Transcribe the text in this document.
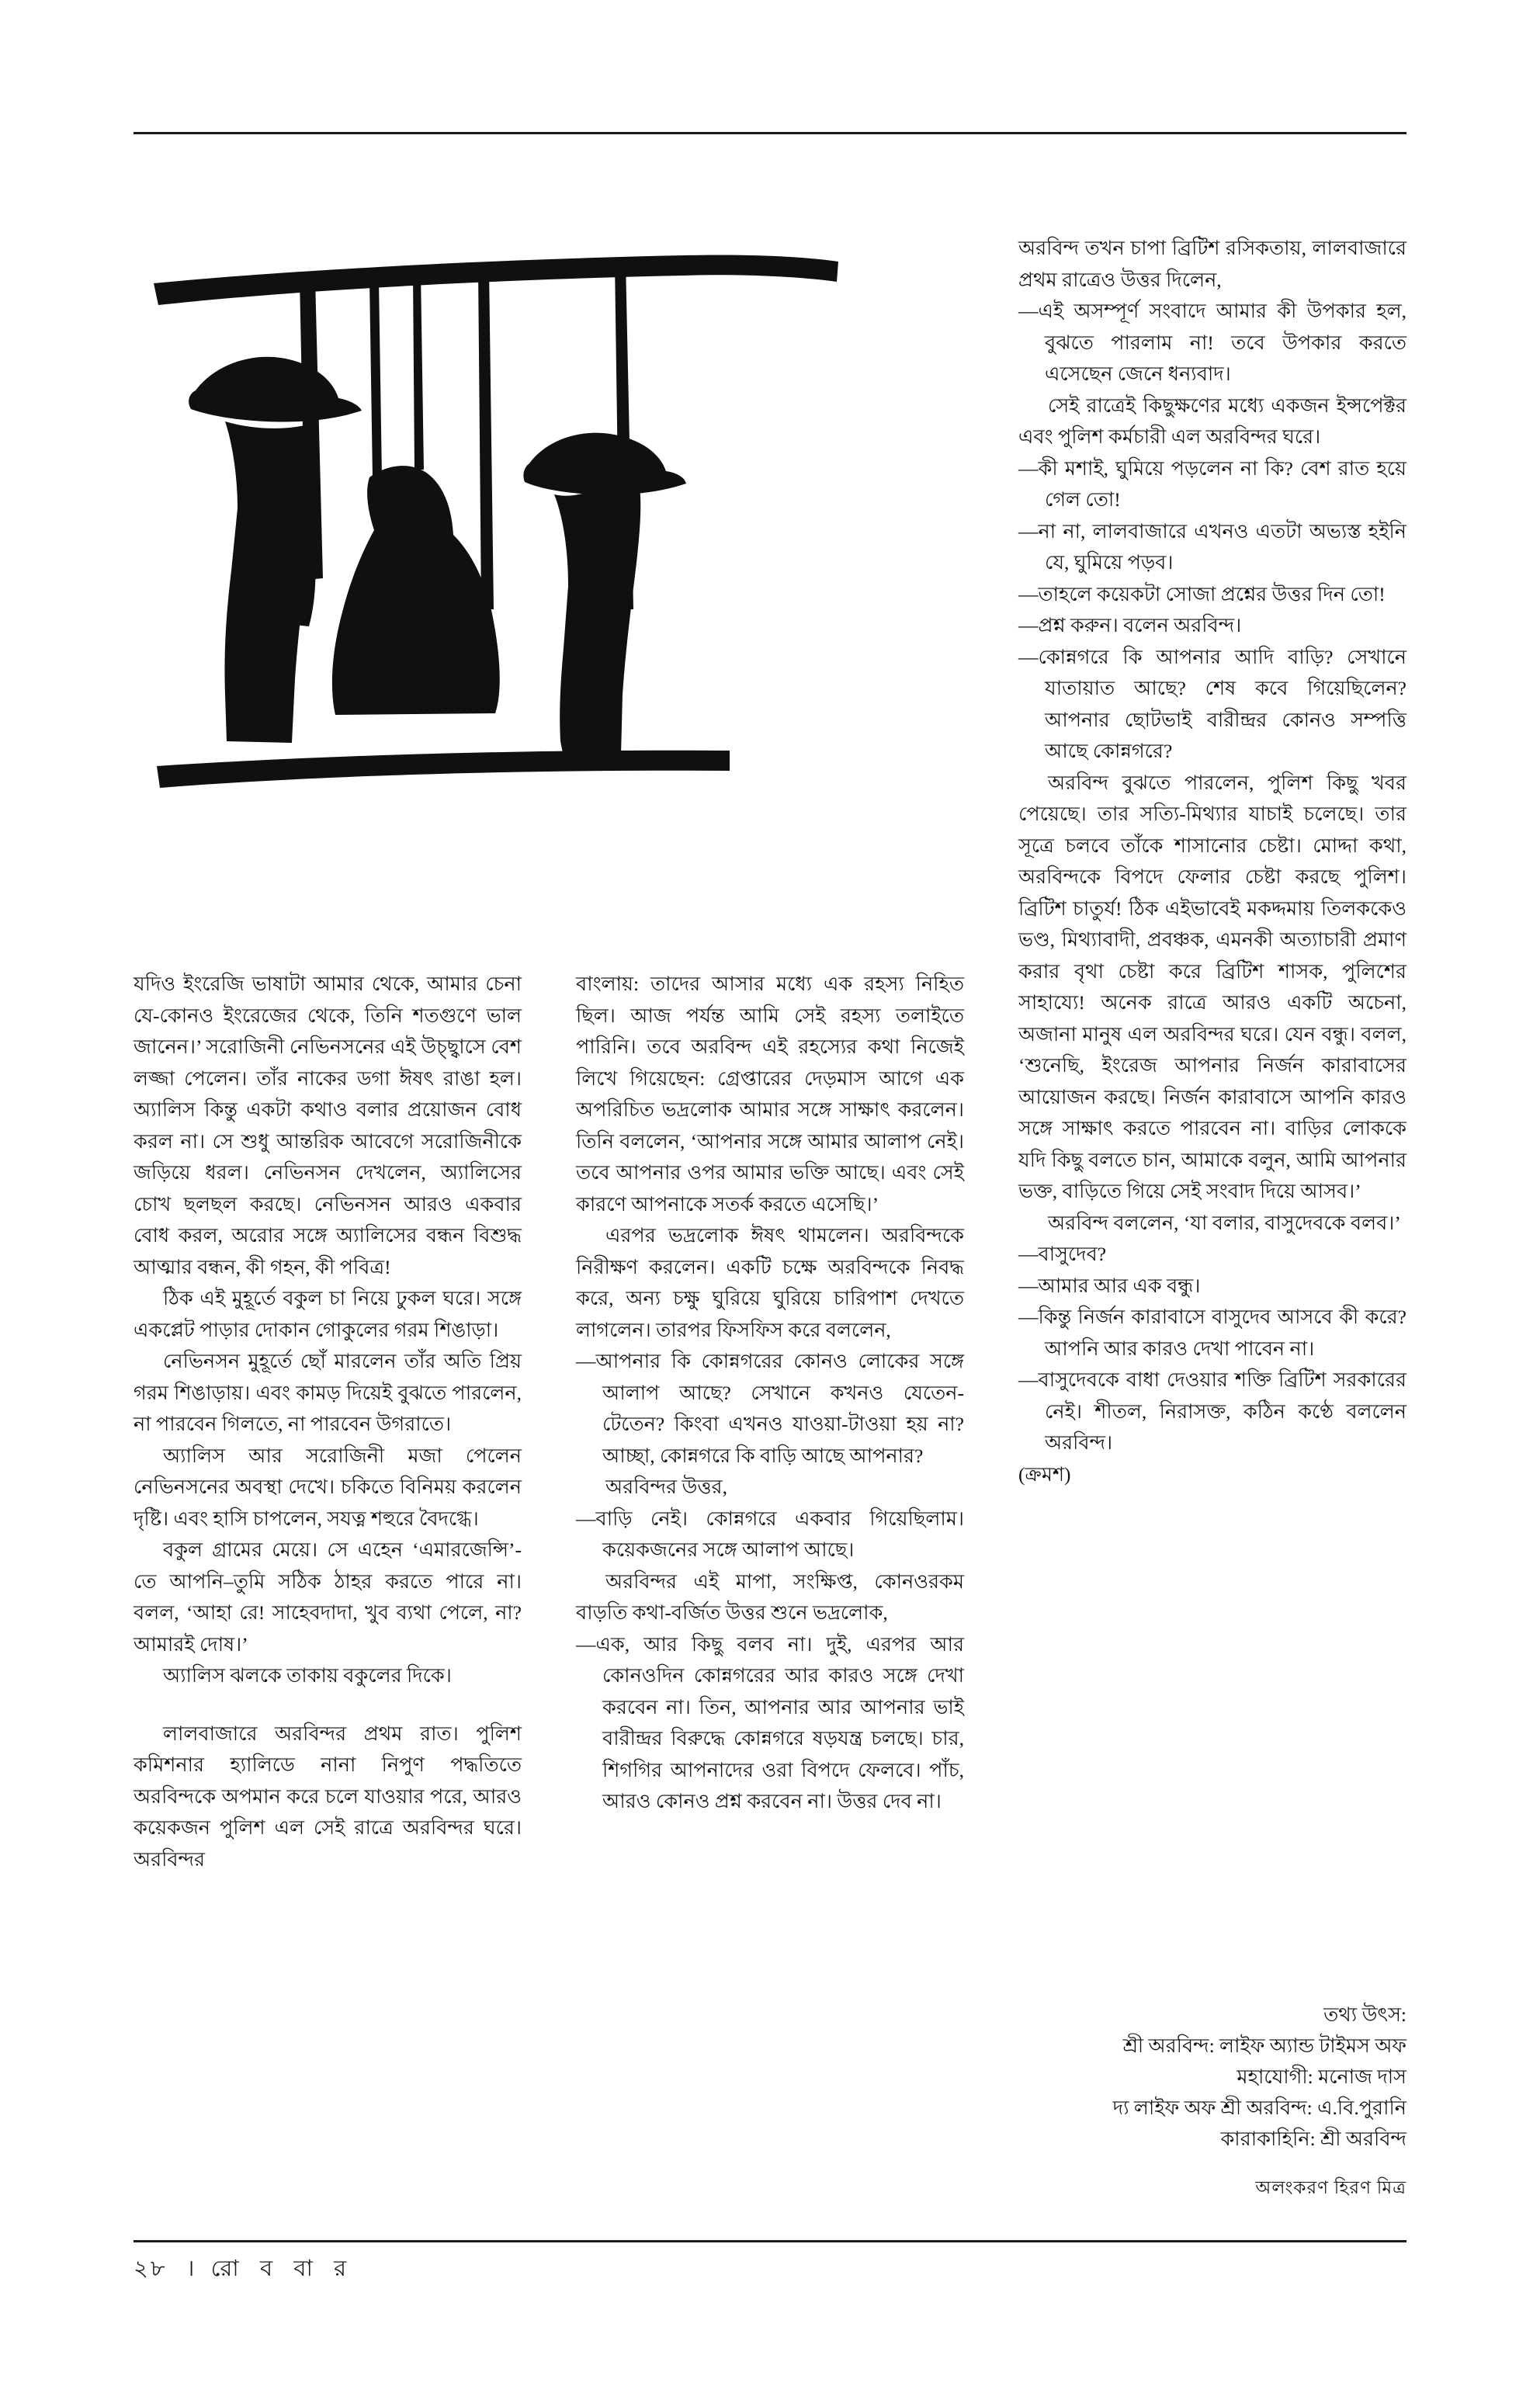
যদিও ইংরেজি ভাষাটা আমার থেকে, আমার চেনা যে-কোনও ইংরেজের থেকে, তিনি শতগুণে ভাল জানেন।’ সরোজিনী নেভিনসনের এই উচ্ছ্বাসে বেশ লজ্জা পেলেন। তাঁর নাকের ডগা ঈষৎ রাঙা হল। অ্যালিস কিন্তু একটা কথাও বলার প্রয়োজন বোধ করল না। সে শুধু আন্তরিক আবেগে সরোজিনীকে জড়িয়ে ধরল। নেভিনসন দেখলেন, অ্যালিসের চোখ ছলছল করছে। নেভিনসন আরও একবার বোধ করল, অরোর সঙ্গে অ্যালিসের বন্ধন বিশুদ্ধ আত্মার বন্ধন, কী গহন, কী পবিত্র!

ঠিক এই মুহূর্তে বকুল চা নিয়ে ঢুকল ঘরে। সঙ্গে একপ্লেট পাড়ার দোকান গোকুলের গরম শিঙাড়া।

নেভিনসন মুহূর্তে ছোঁ মারলেন তাঁর অতি প্রিয় গরম শিঙাড়ায়। এবং কামড় দিয়েই বুঝতে পারলেন, না পারবেন গিলতে, না পারবেন উগরাতে।

অ্যালিস আর সরোজিনী মজা পেলেন নেভিনসনের অবস্থা দেখে। চকিতে বিনিময় করলেন দৃষ্টি। এবং হাসি চাপলেন, সযত্ন শহুরে বৈদগ্ধে।

বকুল গ্রামের মেয়ে। সে এহেন ‘এমারজেন্সি’-তে আপনি–তুমি সঠিক ঠাহর করতে পারে না। বলল, ‘আহা রে! সাহেবদাদা, খুব ব্যথা পেলে, না? আমারই দোষ।’

অ্যালিস ঝলকে তাকায় বকুলের দিকে।

লালবাজারে অরবিন্দর প্রথম রাত। পুলিশ কমিশনার হ্যালিডে নানা নিপুণ পদ্ধতিতে অরবিন্দকে অপমান করে চলে যাওয়ার পরে, আরও কয়েকজন পুলিশ এল সেই রাত্রে অরবিন্দর ঘরে। অরবিন্দর

বাংলায়: তাদের আসার মধ্যে এক রহস্য নিহিত ছিল। আজ পর্যন্ত আমি সেই রহস্য তলাইতে পারিনি। তবে অরবিন্দ এই রহস্যের কথা নিজেই লিখে গিয়েছেন: গ্রেপ্তারের দেড়মাস আগে এক অপরিচিত ভদ্রলোক আমার সঙ্গে সাক্ষাৎ করলেন। তিনি বললেন, ‘আপনার সঙ্গে আমার আলাপ নেই। তবে আপনার ওপর আমার ভক্তি আছে। এবং সেই কারণে আপনাকে সতর্ক করতে এসেছি।’

এরপর ভদ্রলোক ঈষৎ থামলেন। অরবিন্দকে নিরীক্ষণ করলেন। একটি চক্ষে অরবিন্দকে নিবদ্ধ করে, অন্য চক্ষু ঘুরিয়ে ঘুরিয়ে চারিপাশ দেখতে লাগলেন। তারপর ফিসফিস করে বললেন,

—আপনার কি কোন্নগরের কোনও লোকের সঙ্গে আলাপ আছে? সেখানে কখনও যেতেন-টেতেন? কিংবা এখনও যাওয়া-টাওয়া হয় না? আচ্ছা, কোন্নগরে কি বাড়ি আছে আপনার?

অরবিন্দর উত্তর,

—বাড়ি নেই। কোন্নগরে একবার গিয়েছিলাম। কয়েকজনের সঙ্গে আলাপ আছে।

অরবিন্দর এই মাপা, সংক্ষিপ্ত, কোনওরকম বাড়তি কথা-বর্জিত উত্তর শুনে ভদ্রলোক,

—এক, আর কিছু বলব না। দুই, এরপর আর কোনওদিন কোন্নগরের আর কারও সঙ্গে দেখা করবেন না। তিন, আপনার আর আপনার ভাই বারীন্দ্রর বিরুদ্ধে কোন্নগরে ষড়যন্ত্র চলছে। চার, শিগগির আপনাদের ওরা বিপদে ফেলবে। পাঁচ, আরও কোনও প্রশ্ন করবেন না। উত্তর দেব না।

অরবিন্দ তখন চাপা ব্রিটিশ রসিকতায়, লালবাজারে প্রথম রাত্রেও উত্তর দিলেন,

—এই অসম্পূর্ণ সংবাদে আমার কী উপকার হল, বুঝতে পারলাম না! তবে উপকার করতে এসেছেন জেনে ধন্যবাদ।

সেই রাত্রেই কিছুক্ষণের মধ্যে একজন ইন্সপেক্টর এবং পুলিশ কর্মচারী এল অরবিন্দর ঘরে।

—কী মশাই, ঘুমিয়ে পড়লেন না কি? বেশ রাত হয়ে গেল তো!

—না না, লালবাজারে এখনও এতটা অভ্যস্ত হইনি যে, ঘুমিয়ে পড়ব।

—তাহলে কয়েকটা সোজা প্রশ্নের উত্তর দিন তো!

—প্রশ্ন করুন। বলেন অরবিন্দ।

—কোন্নগরে কি আপনার আদি বাড়ি? সেখানে যাতায়াত আছে? শেষ কবে গিয়েছিলেন? আপনার ছোটভাই বারীন্দ্রর কোনও সম্পত্তি আছে কোন্নগরে?

অরবিন্দ বুঝতে পারলেন, পুলিশ কিছু খবর পেয়েছে। তার সত্যি-মিথ্যার যাচাই চলেছে। তার সূত্রে চলবে তাঁকে শাসানোর চেষ্টা। মোদ্দা কথা, অরবিন্দকে বিপদে ফেলার চেষ্টা করছে পুলিশ। ব্রিটিশ চাতুর্য! ঠিক এইভাবেই মকদ্দমায় তিলককেও ভণ্ড, মিথ্যাবাদী, প্রবঞ্চক, এমনকী অত্যাচারী প্রমাণ করার বৃথা চেষ্টা করে ব্রিটিশ শাসক, পুলিশের সাহায্যে! অনেক রাত্রে আরও একটি অচেনা, অজানা মানুষ এল অরবিন্দর ঘরে। যেন বন্ধু। বলল, ‘শুনেছি, ইংরেজ আপনার নির্জন কারাবাসের আয়োজন করছে। নির্জন কারাবাসে আপনি কারও সঙ্গে সাক্ষাৎ করতে পারবেন না। বাড়ির লোককে যদি কিছু বলতে চান, আমাকে বলুন, আমি আপনার ভক্ত, বাড়িতে গিয়ে সেই সংবাদ দিয়ে আসব।’

অরবিন্দ বললেন, ‘যা বলার, বাসুদেবকে বলব।’

—বাসুদেব?

—আমার আর এক বন্ধু।

—কিন্তু নির্জন কারাবাসে বাসুদেব আসবে কী করে? আপনি আর কারও দেখা পাবেন না।

—বাসুদেবকে বাধা দেওয়ার শক্তি ব্রিটিশ সরকারের নেই। শীতল, নিরাসক্ত, কঠিন কণ্ঠে বললেন অরবিন্দ।

(ক্রমশ)

তথ্য উৎস:
শ্রী অরবিন্দ: লাইফ অ্যান্ড টাইমস অফ
মহাযোগী: মনোজ দাস
দ্য লাইফ অফ শ্রী অরবিন্দ: এ.বি.পুরানি
কারাকাহিনি: শ্রী অরবিন্দ
অলংকরণ হিরণ মিত্র
২৮ । রো ব বা র
